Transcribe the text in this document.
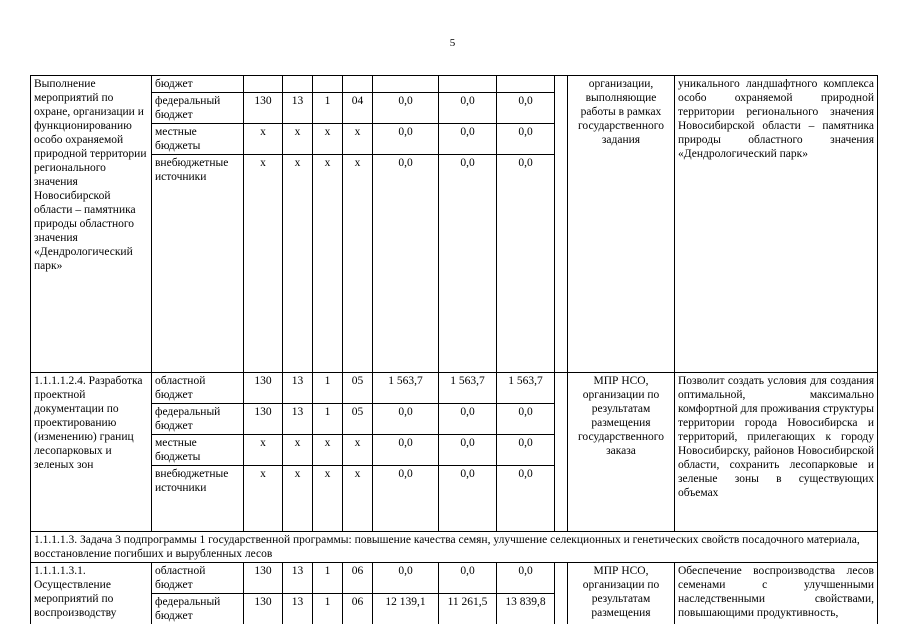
5
Выполнение мероприятий по охране, организации и функционированию особо охраняемой природной территории регионального значения Новосибирской области – памятника природы областного значения «Дендрологический парк»	бюджет									организации, выполняющие работы в рамках государственного задания	уникального ландшафтного комплекса особо охраняемой природной территории регионального значения Новосибирской области – памятника природы областного значения «Дендрологический парк»
	федеральный бюджет	130	13	1	04	0,0	0,0	0,0			
	местные бюджеты	х	х	х	х	0,0	0,0	0,0			
	внебюджетные источники	х	х	х	х	0,0	0,0	0,0			
1.1.1.1.2.4. Разработка проектной документации по проектированию (изменению) границ лесопарковых и зеленых зон	областной бюджет	130	13	1	05	1 563,7	1 563,7	1 563,7		МПР НСО, организации по результатам размещения государственного заказа	Позволит создать условия для создания оптимальной, максимально комфортной для проживания структуры территории города Новосибирска и территорий, прилегающих к городу Новосибирску, районов Новосибирской области, сохранить лесопарковые и зеленые зоны в существующих объемах
	федеральный бюджет	130	13	1	05	0,0	0,0	0,0			
	местные бюджеты	х	х	х	х	0,0	0,0	0,0			
	внебюджетные источники	х	х	х	х	0,0	0,0	0,0			
1.1.1.1.3. Задача 3 подпрограммы 1 государственной программы: повышение качества семян, улучшение селекционных и генетических свойств посадочного материала, восстановление погибших и вырубленных лесов											
1.1.1.1.3.1. Осуществление мероприятий по воспроизводству	областной бюджет	130	13	1	06	0,0	0,0	0,0		МПР НСО, организации по результатам размещения	Обеспечение воспроизводства лесов семенами с улучшенными наследственными свойствами, повышающими продуктивность,
	федеральный бюджет	130	13	1	06	12 139,1	11 261,5	13 839,8			
